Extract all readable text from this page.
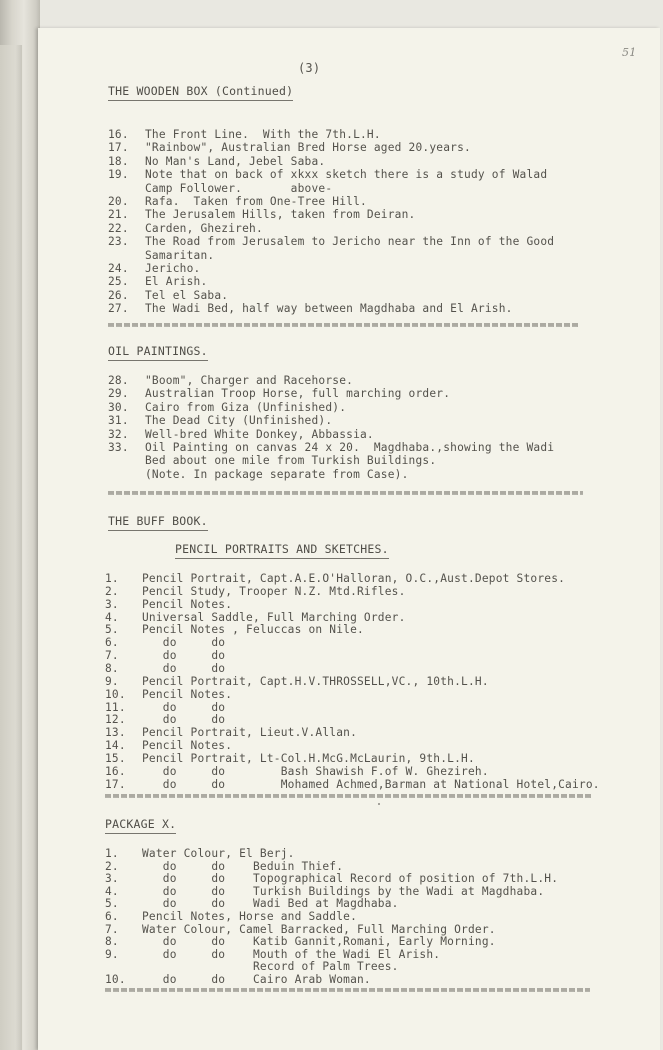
51
(3)
THE WOODEN BOX (Continued)
16. The Front Line.  With the 7th.L.H.
17. "Rainbow", Australian Bred Horse aged 20.years.
18. No Man's Land, Jebel Saba.
19. Note that on back of xkxx sketch there is a study of Walad
Camp Follower.       above-
20. Rafa.  Taken from One-Tree Hill.
21. The Jerusalem Hills, taken from Deiran.
22. Carden, Ghezireh.
23. The Road from Jerusalem to Jericho near the Inn of the Good
Samaritan.
24. Jericho.
25. El Arish.
26. Tel el Saba.
27. The Wadi Bed, half way between Magdhaba and El Arish.
OIL PAINTINGS.
28. "Boom", Charger and Racehorse.
29. Australian Troop Horse, full marching order.
30. Cairo from Giza (Unfinished).
31. The Dead City (Unfinished).
32. Well-bred White Donkey, Abbassia.
33. Oil Painting on canvas 24 x 20.  Magdhaba.,showing the Wadi
Bed about one mile from Turkish Buildings.
(Note. In package separate from Case).
THE BUFF BOOK.
PENCIL PORTRAITS AND SKETCHES.
1. Pencil Portrait, Capt.A.E.O'Halloran, O.C.,Aust.Depot Stores.
2. Pencil Study, Trooper N.Z. Mtd.Rifles.
3. Pencil Notes.
4. Universal Saddle, Full Marching Order.
5. Pencil Notes , Feluccas on Nile.
6. do     do
7. do     do
8. do     do
9. Pencil Portrait, Capt.H.V.THROSSELL,VC., 10th.L.H.
10. Pencil Notes.
11. do     do
12. do     do
13. Pencil Portrait, Lieut.V.Allan.
14. Pencil Notes.
15. Pencil Portrait, Lt-Col.H.McG.McLaurin, 9th.L.H.
16. do     do        Bash Shawish F.of W. Ghezireh.
17. do     do        Mohamed Achmed,Barman at National Hotel,Cairo.
PACKAGE X.
1. Water Colour, El Berj.
2. do     do    Beduin Thief.
3. do     do    Topographical Record of position of 7th.L.H.
4. do     do    Turkish Buildings by the Wadi at Magdhaba.
5. do     do    Wadi Bed at Magdhaba.
6. Pencil Notes, Horse and Saddle.
7. Water Colour, Camel Barracked, Full Marching Order.
8. do     do    Katib Gannit,Romani, Early Morning.
9. do     do    Mouth of the Wadi El Arish.
Record of Palm Trees.
10. do     do    Cairo Arab Woman.
